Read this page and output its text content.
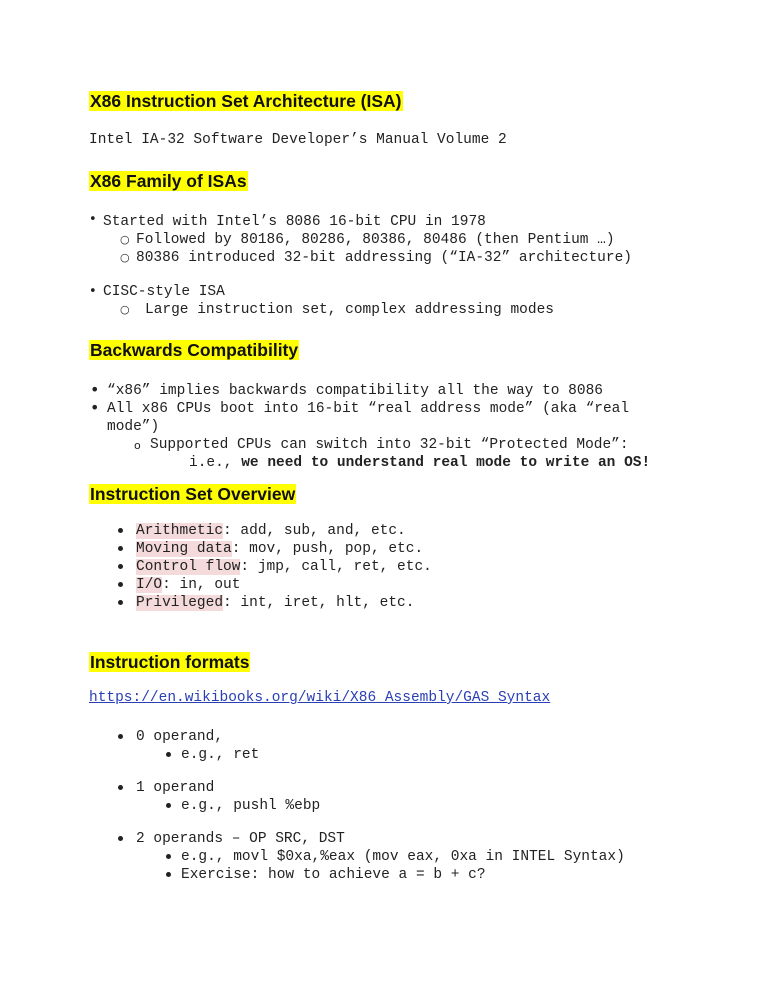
X86 Instruction Set Architecture (ISA)
Intel IA-32 Software Developer’s Manual Volume 2
X86 Family of ISAs
• Started with Intel’s 8086 16-bit CPU in 1978
○ Followed by 80186, 80286, 80386, 80486 (then Pentium …)
○ 80386 introduced 32-bit addressing (“IA-32” architecture)
• CISC-style ISA
○ Large instruction set, complex addressing modes
Backwards Compatibility
• “x86” implies backwards compatibility all the way to 8086
• All x86 CPUs boot into 16-bit “real address mode” (aka “real
mode”)
o Supported CPUs can switch into 32-bit “Protected Mode”:
i.e., we need to understand real mode to write an OS!
Instruction Set Overview
Arithmetic: add, sub, and, etc.
Moving data: mov, push, pop, etc.
Control flow: jmp, call, ret, etc.
I/O: in, out
Privileged: int, iret, hlt, etc.
Instruction formats
https://en.wikibooks.org/wiki/X86_Assembly/GAS_Syntax
0 operand,
e.g., ret
1 operand
e.g., pushl %ebp
2 operands – OP SRC, DST
e.g., movl $0xa,%eax (mov eax, 0xa in INTEL Syntax)
Exercise: how to achieve a = b + c?
